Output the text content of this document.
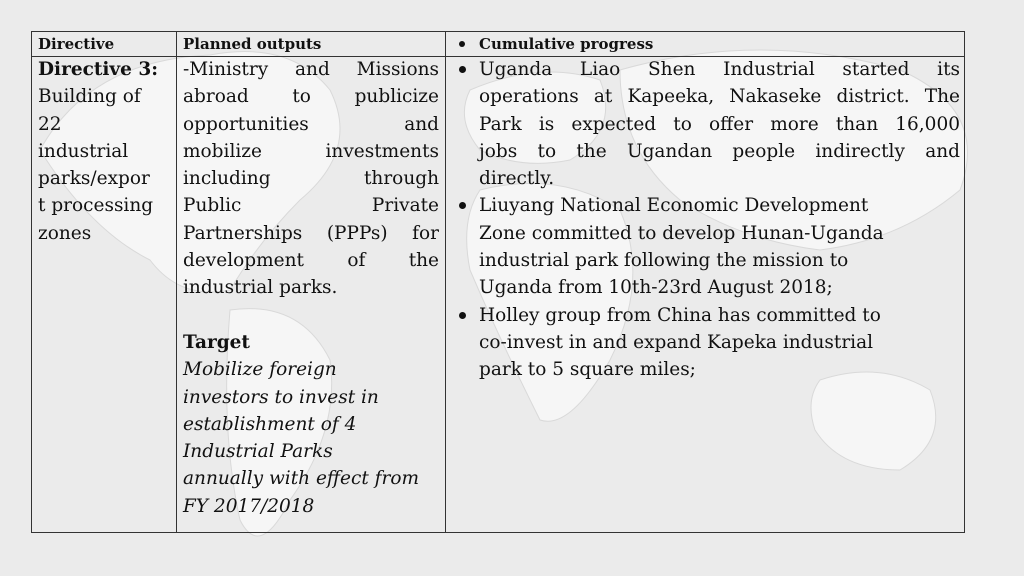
Directive	Planned outputs	Cumulative progress
Directive 3:
Building of
22
industrial
parks/expor
t processing
zones
-Ministry and Missions
abroad to publicize
opportunities and
mobilize investments
including through
Public Private
Partnerships (PPPs) for
development of the
industrial parks.
Target
Mobilize foreign
investors to invest in
establishment of 4
Industrial Parks
annually with effect from
FY 2017/2018
Uganda Liao Shen Industrial started its
operations at Kapeeka, Nakaseke district. The
Park is expected to offer more than 16,000
jobs to the Ugandan people indirectly and
directly.
Liuyang National Economic Development
Zone committed to develop Hunan-Uganda
industrial park following the mission to
Uganda from 10th-23rd August 2018;
Holley group from China has committed to
co-invest in and expand Kapeka industrial
park to 5 square miles;
